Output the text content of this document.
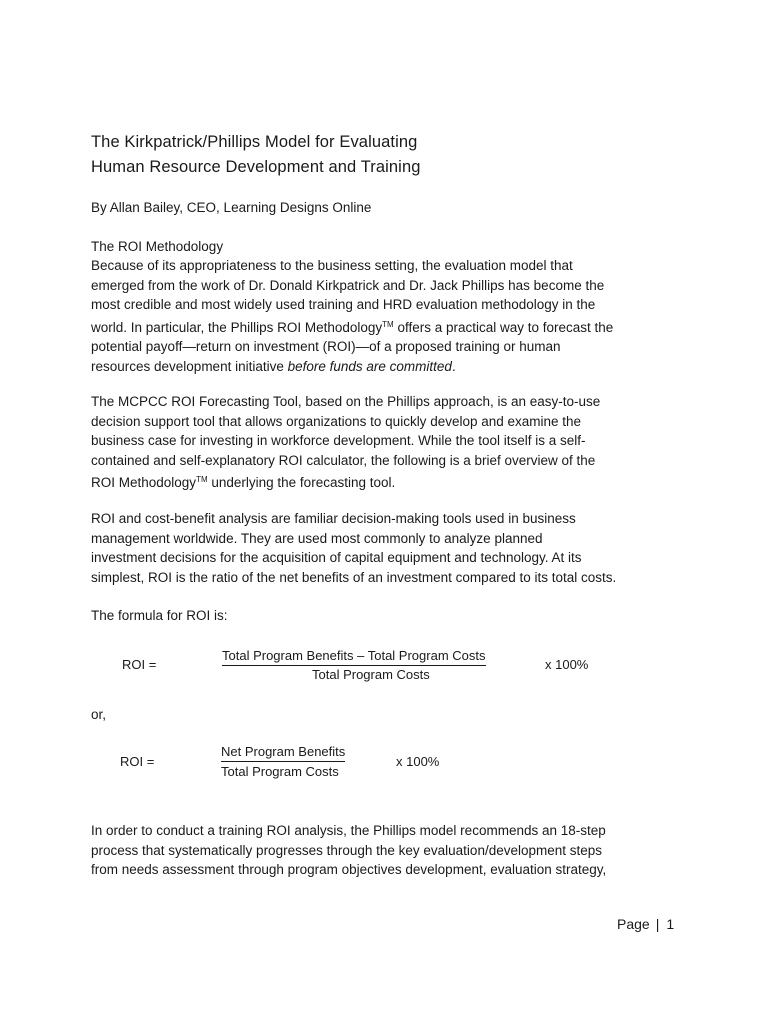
The Kirkpatrick/Phillips Model for Evaluating
Human Resource Development and Training
By Allan Bailey, CEO, Learning Designs Online
The ROI Methodology
Because of its appropriateness to the business setting, the evaluation model that
emerged from the work of Dr. Donald Kirkpatrick and Dr. Jack Phillips has become the
most credible and most widely used training and HRD evaluation methodology in the
world. In particular, the Phillips ROI Methodology™ offers a practical way to forecast the
potential payoff—return on investment (ROI)—of a proposed training or human
resources development initiative before funds are committed.
The MCPCC ROI Forecasting Tool, based on the Phillips approach, is an easy-to-use
decision support tool that allows organizations to quickly develop and examine the
business case for investing in workforce development. While the tool itself is a self-
contained and self-explanatory ROI calculator, the following is a brief overview of the
ROI Methodology™ underlying the forecasting tool.
ROI and cost-benefit analysis are familiar decision-making tools used in business
management worldwide. They are used most commonly to analyze planned
investment decisions for the acquisition of capital equipment and technology. At its
simplest, ROI is the ratio of the net benefits of an investment compared to its total costs.
The formula for ROI is:
ROI =
Total Program Benefits – Total Program Costs
Total Program Costs
x 100%
or,
ROI =
Net Program Benefits
Total Program Costs
x 100%
In order to conduct a training ROI analysis, the Phillips model recommends an 18-step
process that systematically progresses through the key evaluation/development steps
from needs assessment through program objectives development, evaluation strategy,
Page | 1
